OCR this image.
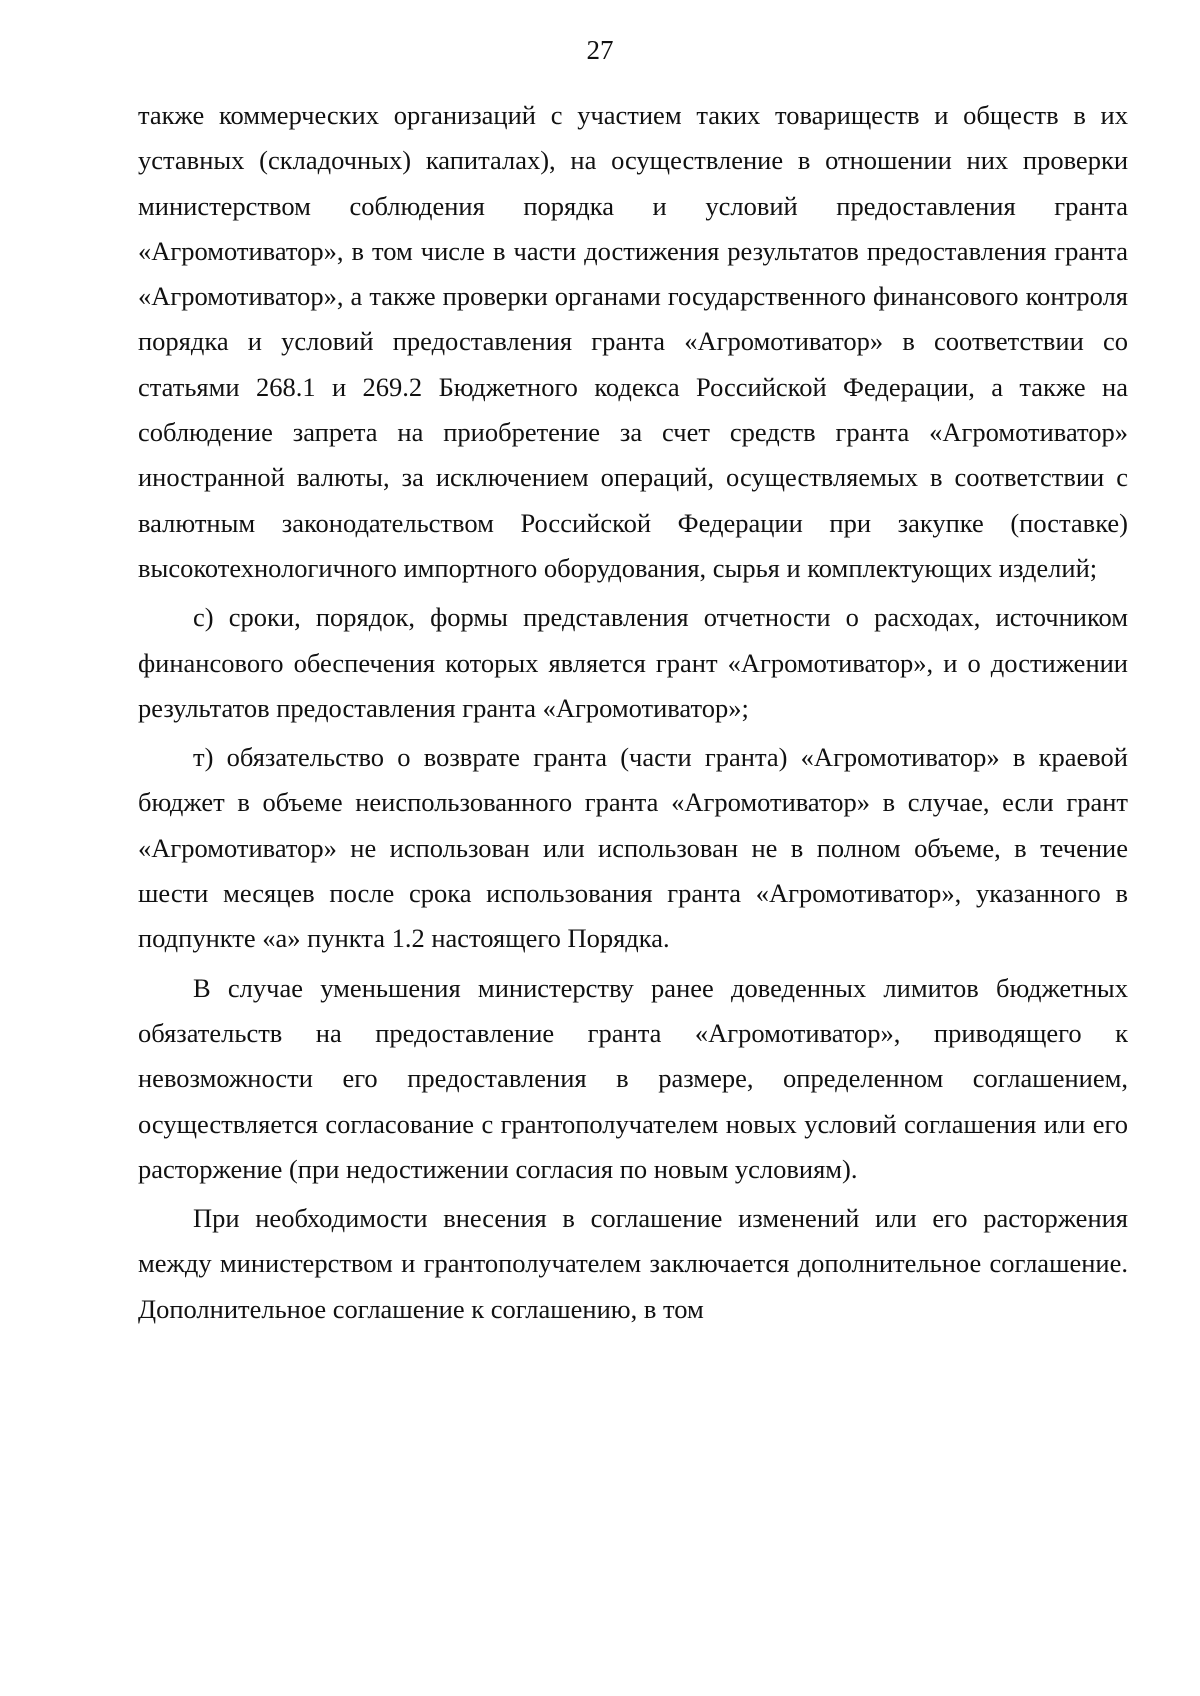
27

также коммерческих организаций с участием таких товариществ и обществ в их уставных (складочных) капиталах), на осуществление в отношении них проверки министерством соблюдения порядка и условий предоставления гранта «Агромотиватор», в том числе в части достижения результатов предоставления гранта «Агромотиватор», а также проверки органами государственного финансового контроля порядка и условий предоставления гранта «Агромотиватор» в соответствии со статьями 268.1 и 269.2 Бюджетного кодекса Российской Федерации, а также на соблюдение запрета на приобретение за счет средств гранта «Агромотиватор» иностранной валюты, за исключением операций, осуществляемых в соответствии с валютным законодательством Российской Федерации при закупке (поставке) высокотехнологичного импортного оборудования, сырья и комплектующих изделий;

с) сроки, порядок, формы представления отчетности о расходах, источником финансового обеспечения которых является грант «Агромотиватор», и о достижении результатов предоставления гранта «Агромотиватор»;

т) обязательство о возврате гранта (части гранта) «Агромотиватор» в краевой бюджет в объеме неиспользованного гранта «Агромотиватор» в случае, если грант «Агромотиватор» не использован или использован не в полном объеме, в течение шести месяцев после срока использования гранта «Агромотиватор», указанного в подпункте «а» пункта 1.2 настоящего Порядка.

В случае уменьшения министерству ранее доведенных лимитов бюджетных обязательств на предоставление гранта «Агромотиватор», приводящего к невозможности его предоставления в размере, определенном соглашением, осуществляется согласование с грантополучателем новых условий соглашения или его расторжение (при недостижении согласия по новым условиям).

При необходимости внесения в соглашение изменений или его расторжения между министерством и грантополучателем заключается дополнительное соглашение. Дополнительное соглашение к соглашению, в том
